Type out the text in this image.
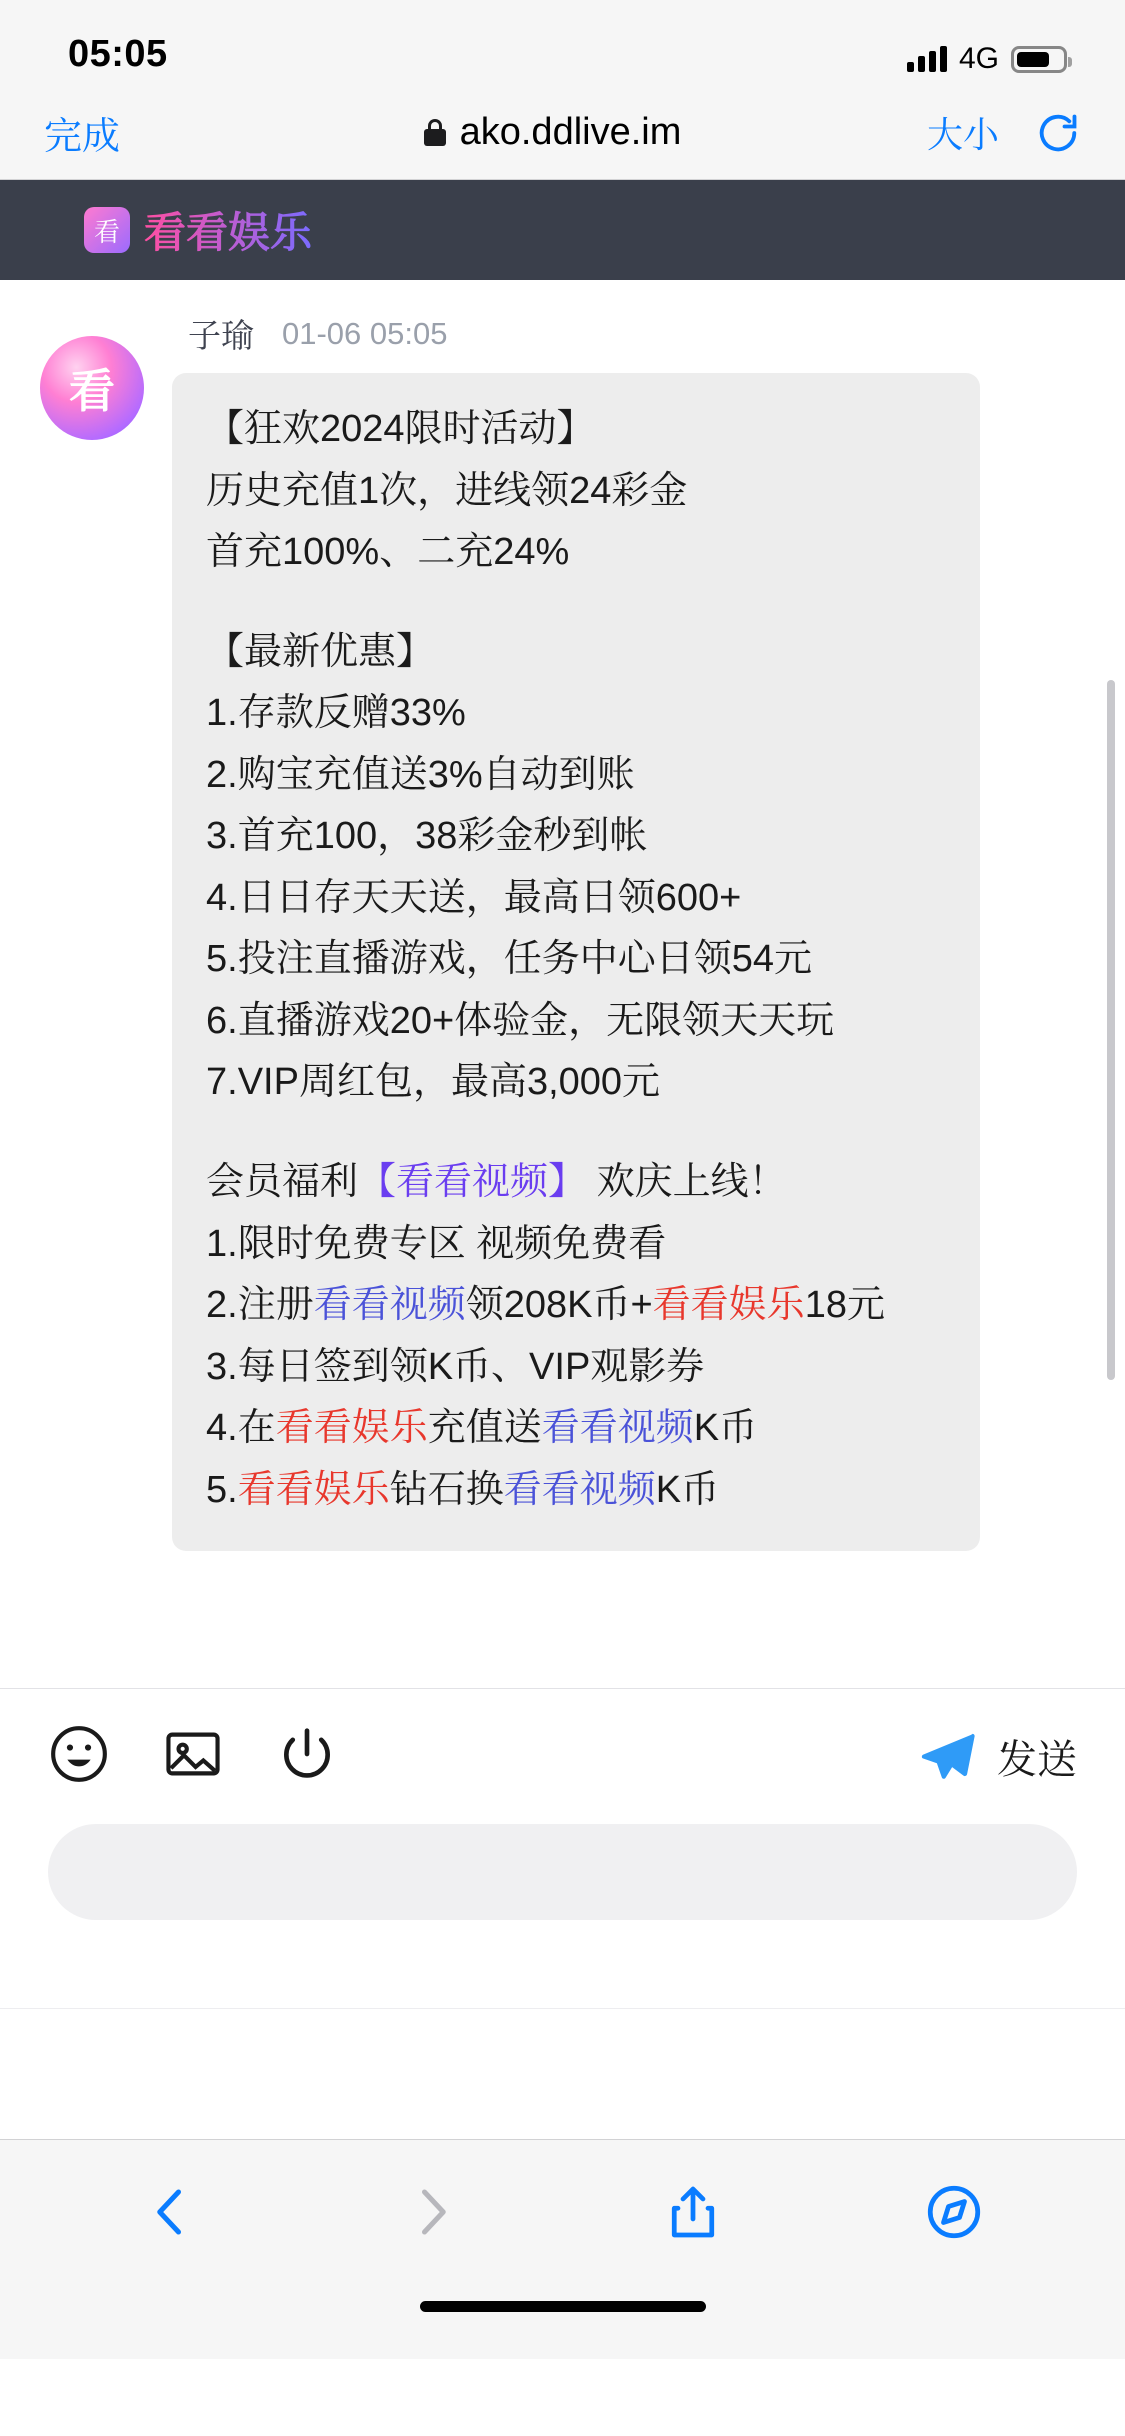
05:05	4G
完成	ako.ddlive.im	大小
看 看看娱乐
看
子瑜 01-06 05:05

【狂欢2024限时活动】

历史充值1次，进线领24彩金

首充100%、二充24%

【最新优惠】

1.存款反赠33%

2.购宝充值送3%自动到账

3.首充100，38彩金秒到帐

4.日日存天天送，最高日领600+

5.投注直播游戏，任务中心日领54元

6.直播游戏20+体验金，无限领天天玩

7.VIP周红包，最高3,000元

会员福利【看看视频】 欢庆上线！

1.限时免费专区 视频免费看

2.注册看看视频领208K币+看看娱乐18元

3.每日签到领K币、VIP观影券

4.在看看娱乐充值送看看视频K币

5.看看娱乐钻石换看看视频K币

发送
